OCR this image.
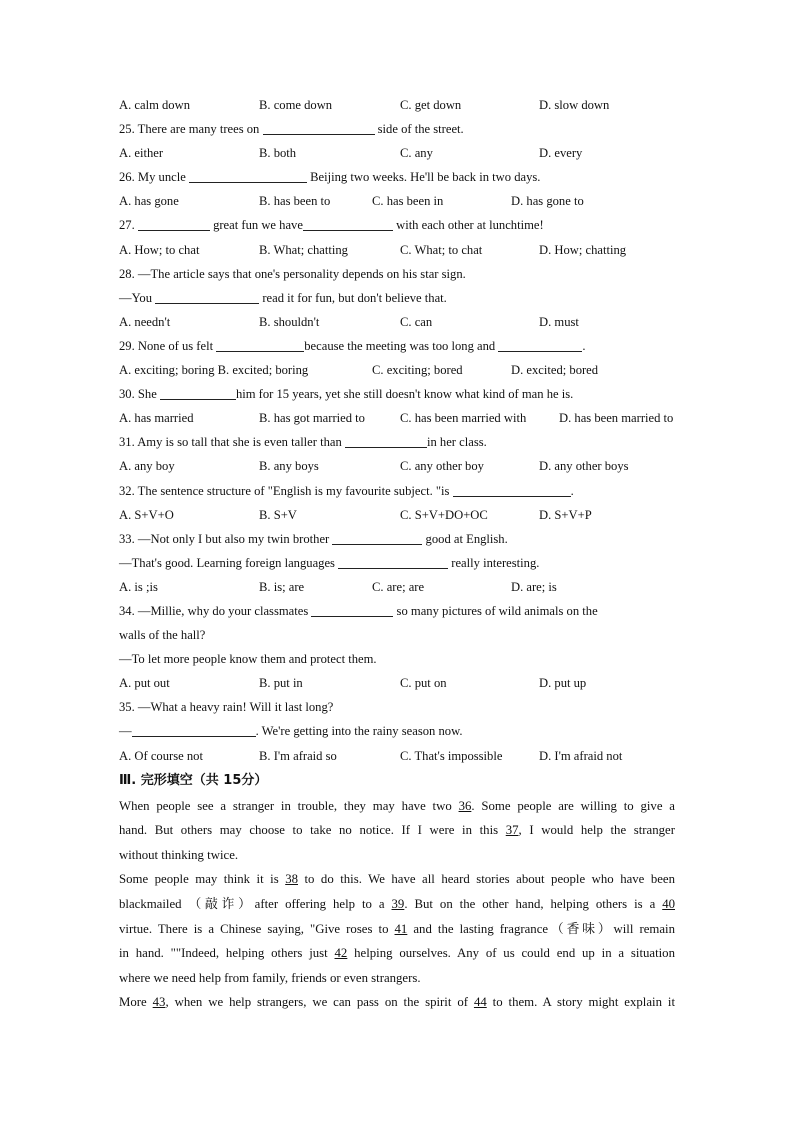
A. calm down	B. come down	C. get down	D. slow down
25. There are many trees on	side of the street.
A. either	B. both	C. any	D. every
26. My uncle	Beijing two weeks. He'll be back in two days.
A. has gone	B. has been to	C. has been in	D. has gone to
27.	great fun we have	with each other at lunchtime!
A. How; to chat	B. What; chatting	C. What; to chat	D. How; chatting
28. —The article says that one's personality depends on his star sign.
—You	read it for fun, but don't believe that.
A. needn't	B. shouldn't	C. can	D. must
29. None of us felt	because the meeting was too long and	.
A. exciting; boring B. excited; boring	C. exciting; bored	D. excited; bored
30. She	him for 15 years, yet she still doesn't know what kind of man he is.
A. has married	B. has got married to	C. has been married with	D. has been married to
31. Amy is so tall that she is even taller than	in her class.
A. any boy	B. any boys	C. any other boy	D. any other boys
32. The sentence structure of "English is my favourite subject. "is	.
A. S+V+O	B. S+V	C. S+V+DO+OC	D. S+V+P
33. —Not only I but also my twin brother	good at English.
—That's good. Learning foreign languages	really interesting.
A. is ;is	B. is; are	C. are; are	D. are; is
34. —Millie, why do your classmates	so many pictures of wild animals on the
walls of the hall?
—To let more people know them and protect them.
A. put out	B. put in	C. put on	D. put up
35. —What a heavy rain! Will it last long?
—	. We're getting into the rainy season now.
A. Of course not	B. I'm afraid so	C. That's impossible	D. I'm afraid not
Ⅲ. 完形填空（共 15分）
When people see a stranger in trouble, they may have two 36. Some people are willing to give a
hand. But others may choose to take no notice. If I were in this 37, I would help the stranger
without thinking twice.
Some people may think it is 38 to do this. We have all heard stories about people who have been
blackmailed （敲诈）after offering help to a 39. But on the other hand, helping others is a 40
virtue. There is a Chinese saying, "Give roses to 41 and the lasting fragrance（香味）will remain
in hand. ""Indeed, helping others just 42 helping ourselves. Any of us could end up in a situation
where we need help from family, friends or even strangers.
More 43, when we help strangers, we can pass on the spirit of 44 to them. A story might explain it
